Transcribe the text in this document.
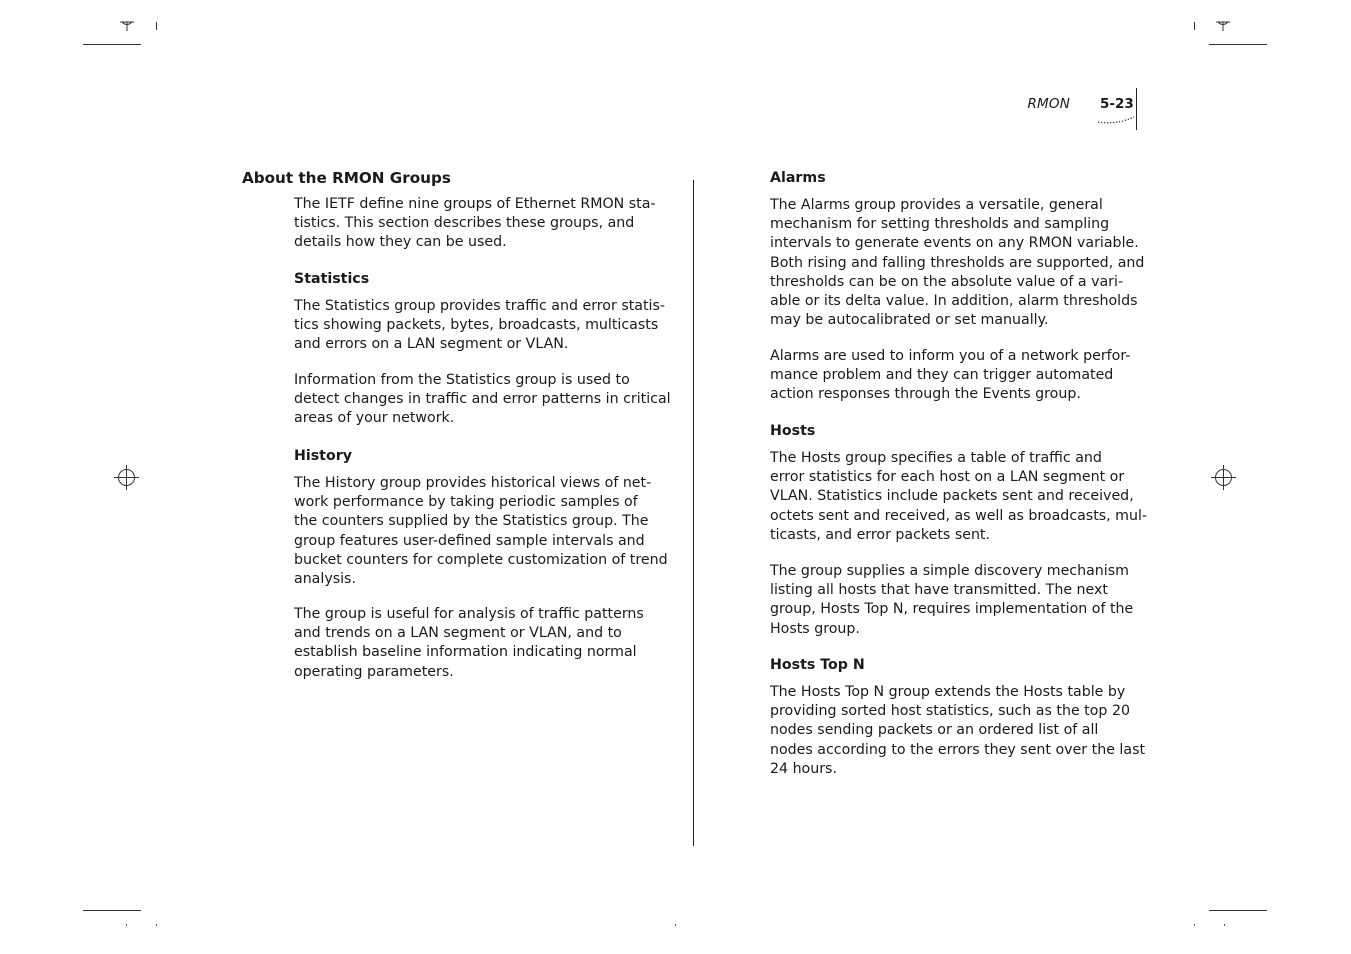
RMON 5-23
About the RMON Groups

The IETF define nine groups of Ethernet RMON sta-
tistics. This section describes these groups, and
details how they can be used.

Statistics

The Statistics group provides traffic and error statis-
tics showing packets, bytes, broadcasts, multicasts
and errors on a LAN segment or VLAN.

Information from the Statistics group is used to
detect changes in traffic and error patterns in critical
areas of your network.

History

The History group provides historical views of net-
work performance by taking periodic samples of
the counters supplied by the Statistics group. The
group features user-defined sample intervals and
bucket counters for complete customization of trend
analysis.

The group is useful for analysis of traffic patterns
and trends on a LAN segment or VLAN, and to
establish baseline information indicating normal
operating parameters.

Alarms

The Alarms group provides a versatile, general
mechanism for setting thresholds and sampling
intervals to generate events on any RMON variable.
Both rising and falling thresholds are supported, and
thresholds can be on the absolute value of a vari-
able or its delta value. In addition, alarm thresholds
may be autocalibrated or set manually.

Alarms are used to inform you of a network perfor-
mance problem and they can trigger automated
action responses through the Events group.

Hosts

The Hosts group specifies a table of traffic and
error statistics for each host on a LAN segment or
VLAN. Statistics include packets sent and received,
octets sent and received, as well as broadcasts, mul-
ticasts, and error packets sent.

The group supplies a simple discovery mechanism
listing all hosts that have transmitted. The next
group, Hosts Top N, requires implementation of the
Hosts group.

Hosts Top N

The Hosts Top N group extends the Hosts table by
providing sorted host statistics, such as the top 20
nodes sending packets or an ordered list of all
nodes according to the errors they sent over the last
24 hours.
